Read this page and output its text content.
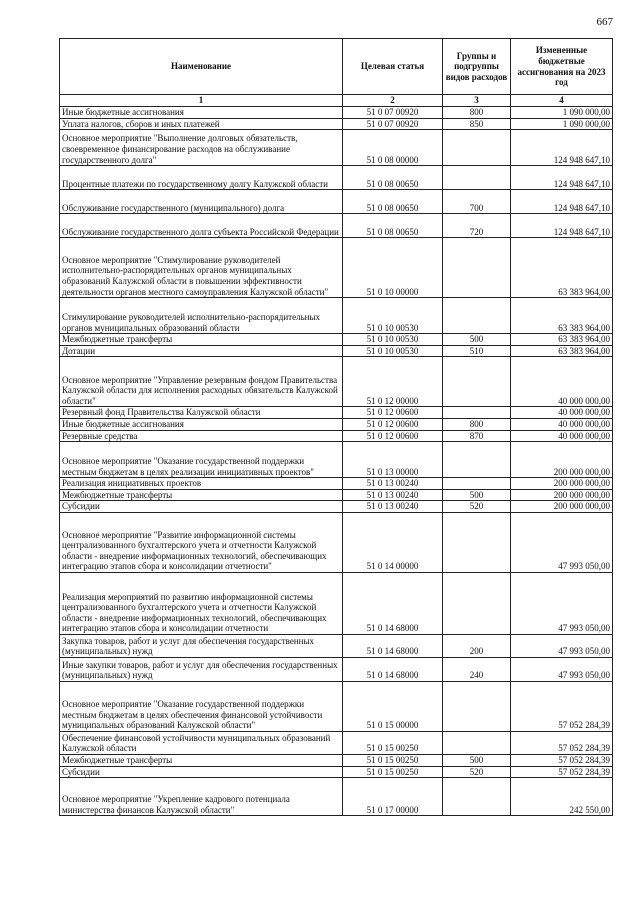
667
Наименование	Целевая статья	Группы и подгруппы видов расходов	Измененные бюджетные ассигнования на 2023 год
1	2	3	4
Иные бюджетные ассигнования	51 0 07 00920	800	1 090 000,00
Уплата налогов, сборов и иных платежей	51 0 07 00920	850	1 090 000,00
Основное мероприятие "Выполнение долговых обязательств, своевременное финансирование расходов на обслуживание государственного долга"	51 0 08 00000		124 948 647,10
Процентные платежи по государственному долгу Калужской области	51 0 08 00650		124 948 647,10
Обслуживание государственного (муниципального) долга	51 0 08 00650	700	124 948 647,10
Обслуживание государственного долга субъекта Российской Федерации	51 0 08 00650	720	124 948 647,10
Основное мероприятие "Стимулирование руководителей исполнительно-распорядительных органов муниципальных образований Калужской области в повышении эффективности деятельности органов местного самоуправления Калужской области"	51 0 10 00000		63 383 964,00
Стимулирование руководителей исполнительно-распорядительных органов муниципальных образований области	51 0 10 00530		63 383 964,00
Межбюджетные трансферты	51 0 10 00530	500	63 383 964,00
Дотации	51 0 10 00530	510	63 383 964,00
Основное мероприятие "Управление резервным фондом Правительства Калужской области для исполнения расходных обязательств Калужской области"	51 0 12 00000		40 000 000,00
Резервный фонд Правительства Калужской области	51 0 12 00600		40 000 000,00
Иные бюджетные ассигнования	51 0 12 00600	800	40 000 000,00
Резервные средства	51 0 12 00600	870	40 000 000,00
Основное мероприятие "Оказание государственной поддержки местным бюджетам в целях реализации инициативных проектов"	51 0 13 00000		200 000 000,00
Реализация инициативных проектов	51 0 13 00240		200 000 000,00
Межбюджетные трансферты	51 0 13 00240	500	200 000 000,00
Субсидии	51 0 13 00240	520	200 000 000,00
Основное мероприятие "Развитие информационной системы централизованного бухгалтерского учета и отчетности Калужской области - внедрение информационных технологий, обеспечивающих интеграцию этапов сбора и консолидации отчетности"	51 0 14 00000		47 993 050,00
Реализация мероприятий по развитию информационной системы централизованного бухгалтерского учета и отчетности Калужской области - внедрение информационных технологий, обеспечивающих интеграцию этапов сбора и консолидации отчетности	51 0 14 68000		47 993 050,00
Закупка товаров, работ и услуг для обеспечения государственных (муниципальных) нужд	51 0 14 68000	200	47 993 050,00
Иные закупки товаров, работ и услуг для обеспечения государственных (муниципальных) нужд	51 0 14 68000	240	47 993 050,00
Основное мероприятие "Оказание государственной поддержки местным бюджетам в целях обеспечения финансовой устойчивости муниципальных образований Калужской области"	51 0 15 00000		57 052 284,39
Обеспечение финансовой устойчивости муниципальных образований Калужской области	51 0 15 00250		57 052 284,39
Межбюджетные трансферты	51 0 15 00250	500	57 052 284,39
Субсидии	51 0 15 00250	520	57 052 284,39
Основное мероприятие "Укрепление кадрового потенциала министерства финансов Калужской области"	51 0 17 00000		242 550,00
